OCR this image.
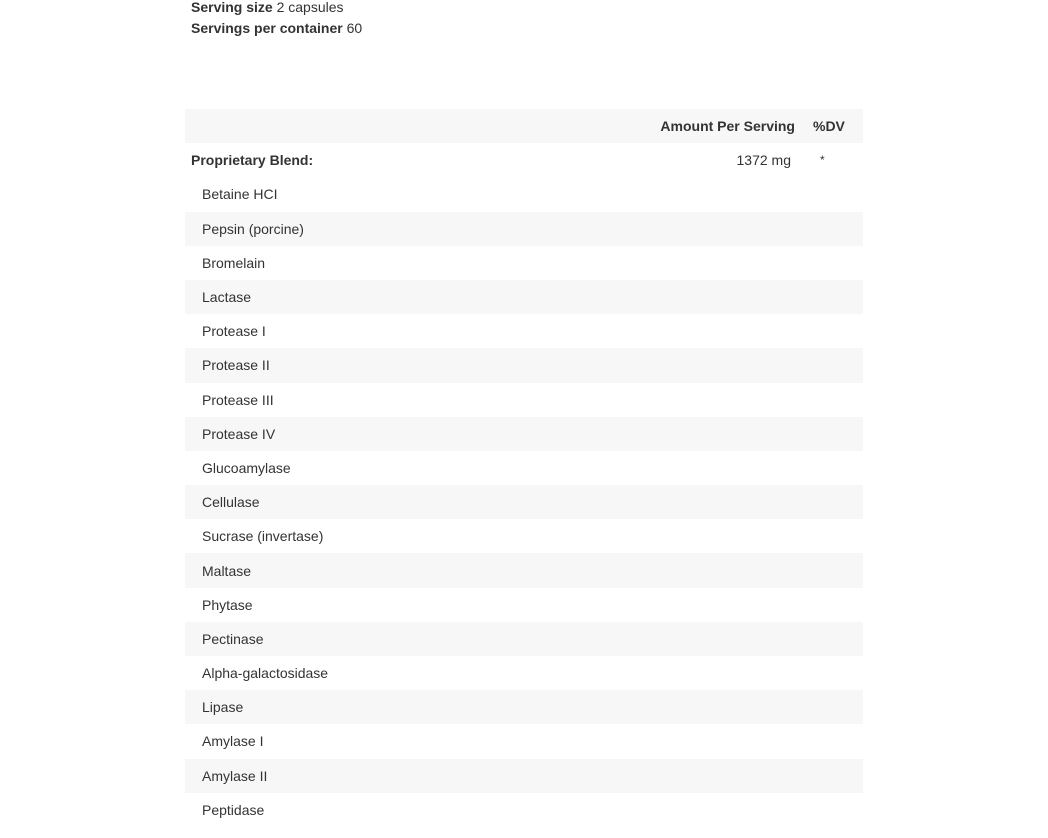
Serving size 2 capsules
Servings per container 60
	Amount Per Serving	%DV
Proprietary Blend:	1372 mg	*
Betaine HCI		
Pepsin (porcine)		
Bromelain		
Lactase		
Protease I		
Protease II		
Protease III		
Protease IV		
Glucoamylase		
Cellulase		
Sucrase (invertase)		
Maltase		
Phytase		
Pectinase		
Alpha-galactosidase		
Lipase		
Amylase I		
Amylase II		
Peptidase		
